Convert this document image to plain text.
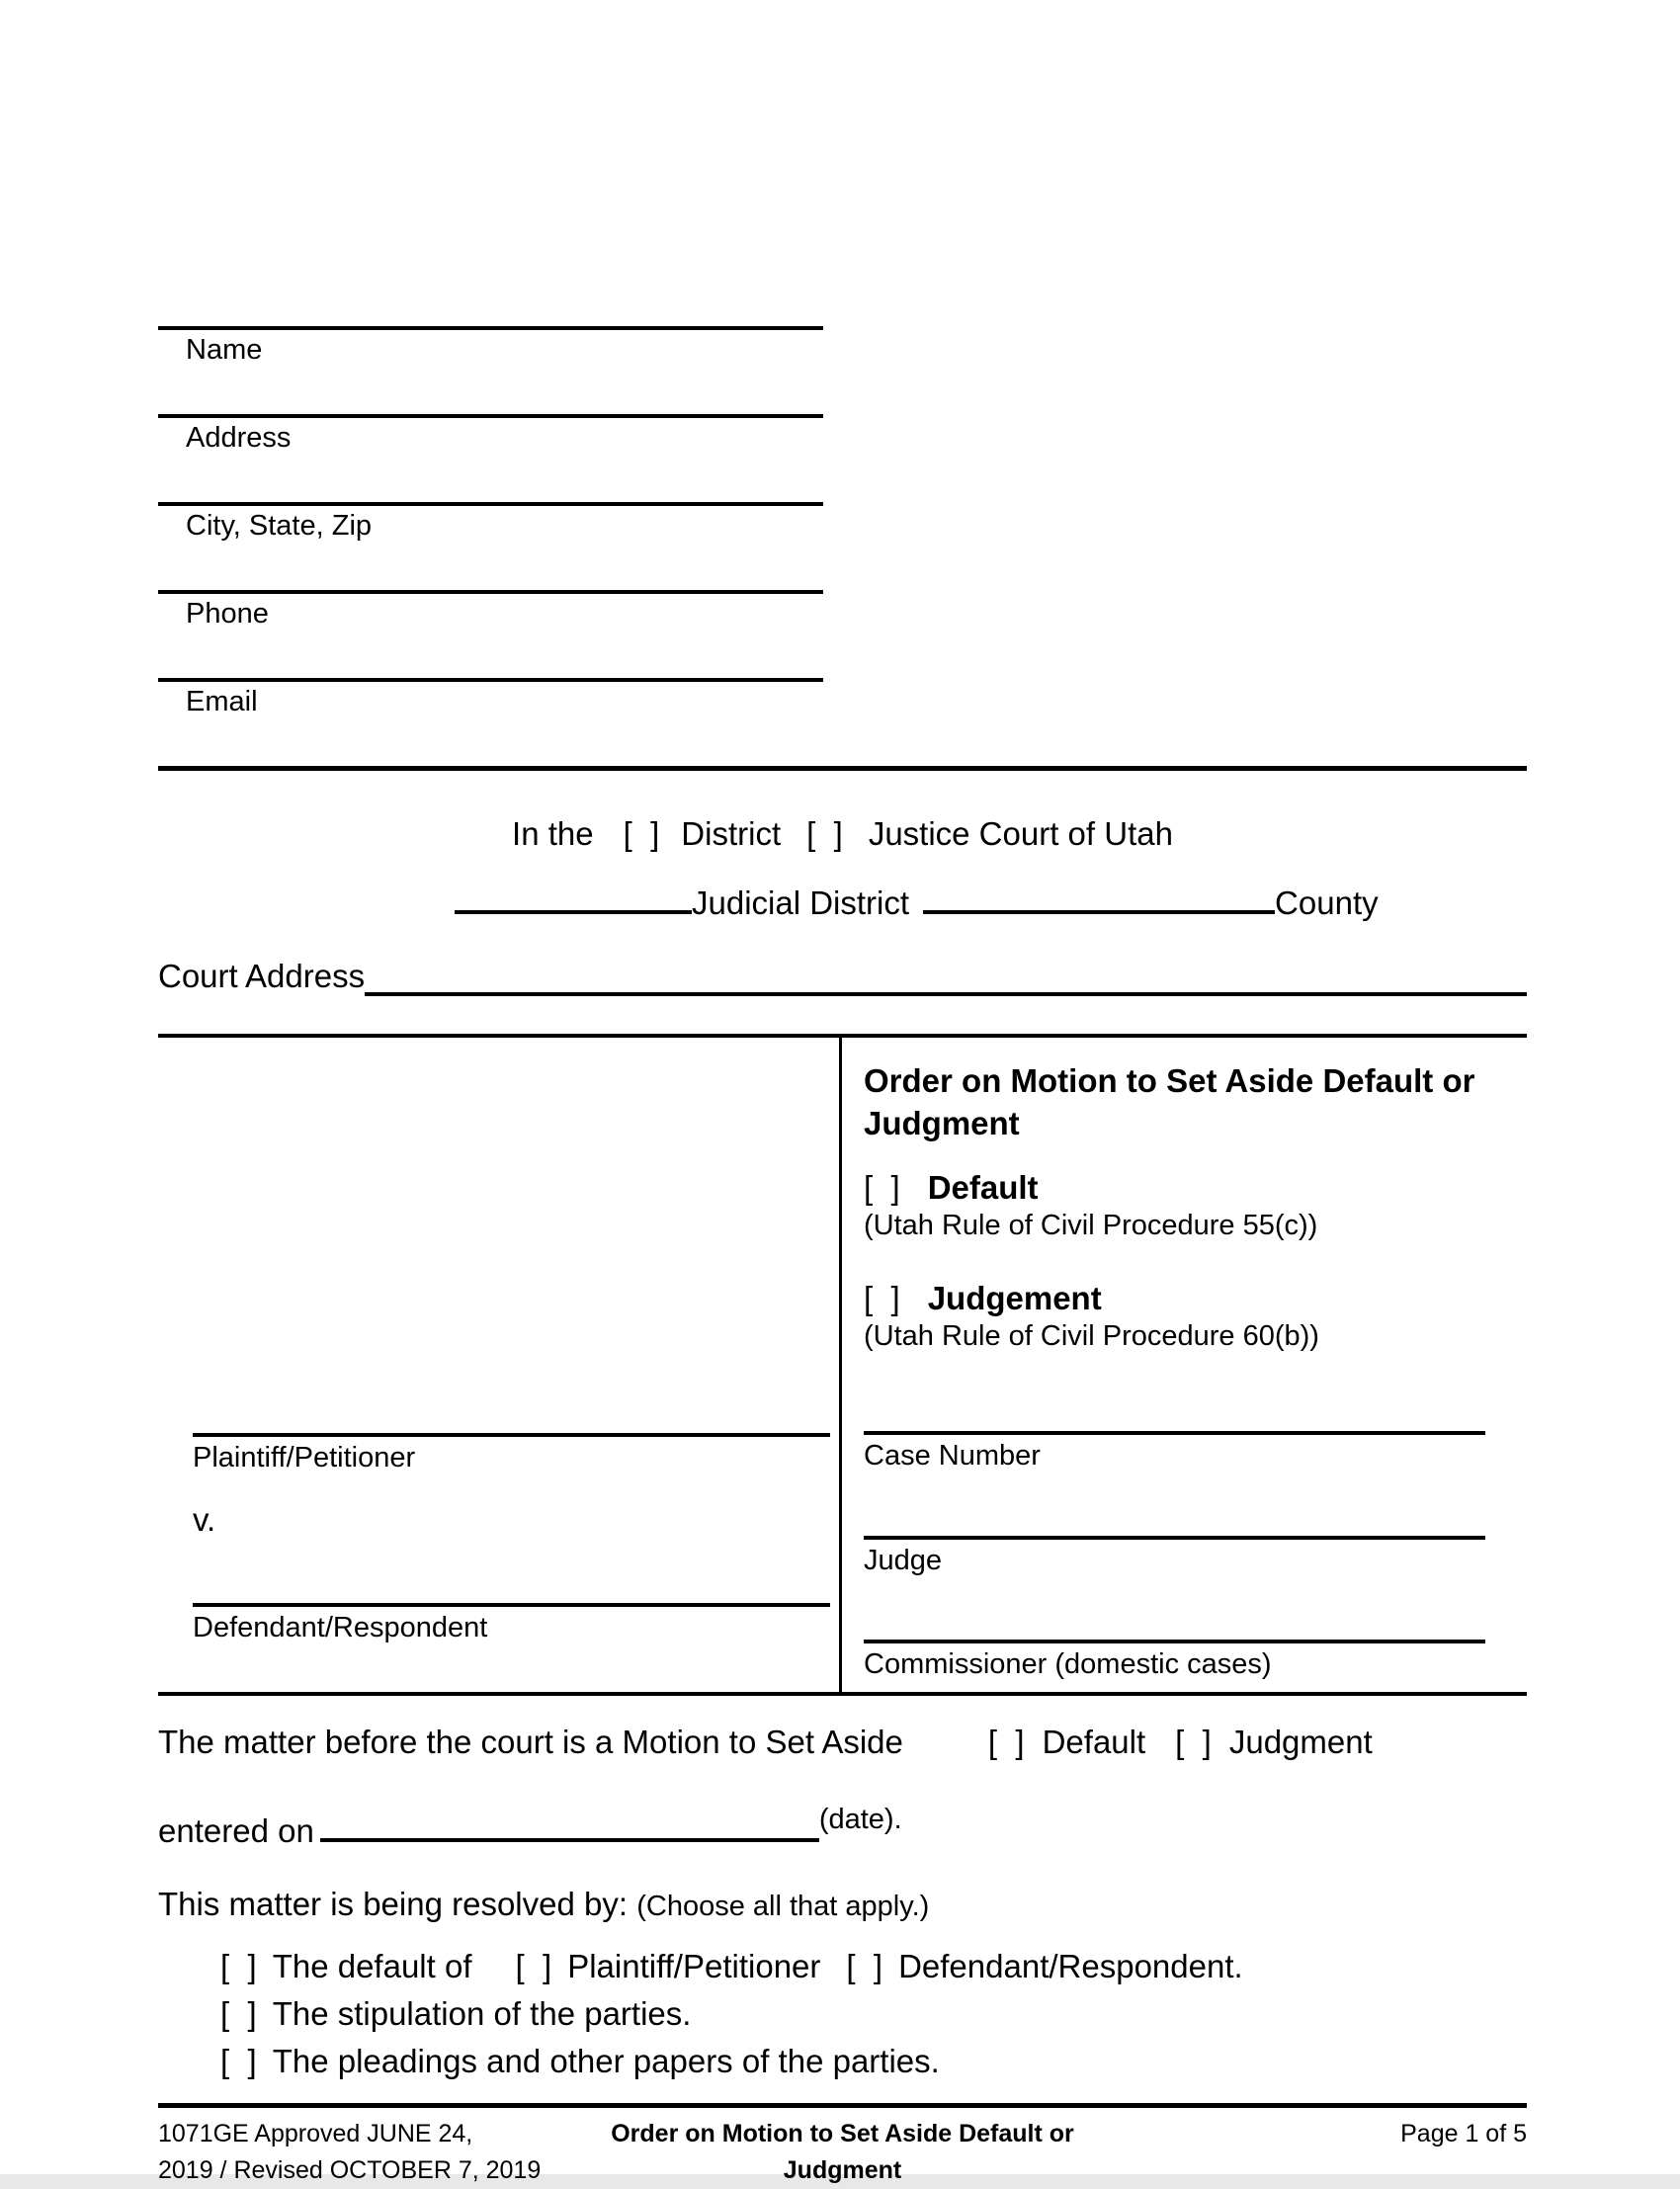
Name
Address
City, State, Zip
Phone
Email
In the [  ] District [  ] Justice Court of Utah
Judicial District	County
Court Address
Plaintiff/Petitioner
v.
Defendant/Respondent
Order on Motion to Set Aside Default or Judgment
[  ] Default
(Utah Rule of Civil Procedure 55(c))
[  ] Judgement
(Utah Rule of Civil Procedure 60(b))
Case Number
Judge
Commissioner (domestic cases)
The matter before the court is a Motion to Set Aside	[  ] Default [  ] Judgment
entered on	(date).
This matter is being resolved by: (Choose all that apply.)
[  ] The default of [  ] Plaintiff/Petitioner [  ] Defendant/Respondent.
[  ] The stipulation of the parties.
[  ] The pleadings and other papers of the parties.
1071GE Approved JUNE 24,
2019 / Revised OCTOBER 7, 2019
Order on Motion to Set Aside Default or Judgment
Page 1 of 5
